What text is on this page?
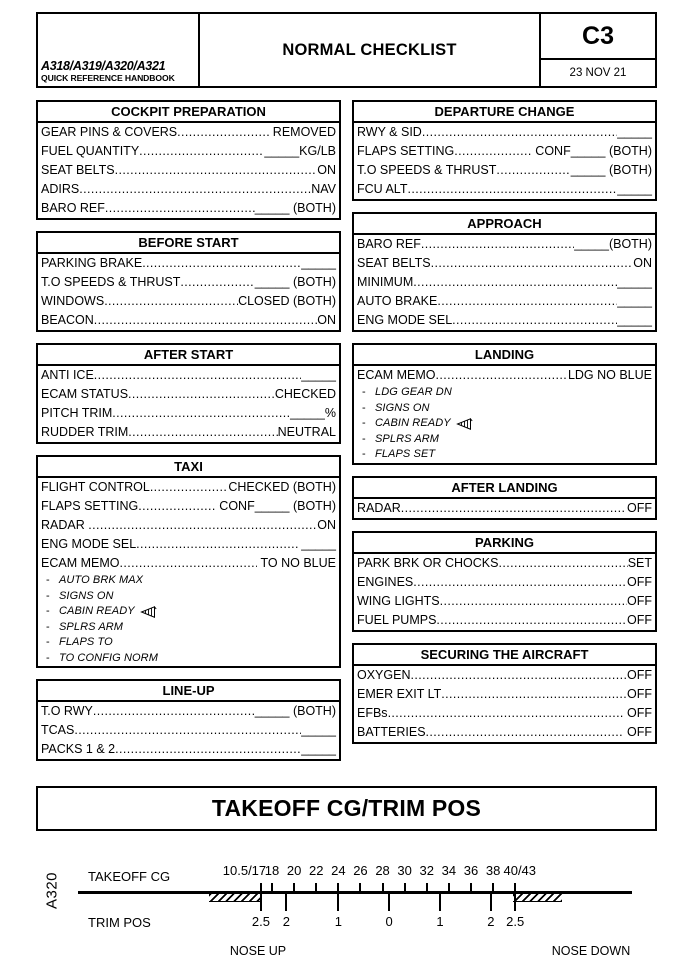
A318/A319/A320/A321
QUICK REFERENCE HANDBOOK
NORMAL CHECKLIST	C3
23 NOV 21
COCKPIT PREPARATION
GEAR PINS & COVERS .....	REMOVED
FUEL QUANTITY .....	_____KG/LB
SEAT BELTS .....	ON
ADIRS .....	NAV
BARO REF .....	_____ (BOTH)
BEFORE START
PARKING BRAKE .....	_____
T.O SPEEDS & THRUST .....	_____ (BOTH)
WINDOWS .....	CLOSED (BOTH)
BEACON .....	ON
AFTER START
ANTI ICE .....	_____
ECAM STATUS .....	CHECKED
PITCH TRIM .....	_____%
RUDDER TRIM .....	NEUTRAL
TAXI
FLIGHT CONTROL .....	CHECKED (BOTH)
FLAPS SETTING .....	CONF_____ (BOTH)
RADAR .....	ON
ENG MODE SEL .....	_____
ECAM MEMO .....	TO NO BLUE
- AUTO BRK MAX
- SIGNS ON
- CABIN READY
- SPLRS ARM
- FLAPS TO
- TO CONFIG NORM
LINE-UP
T.O RWY .....	_____ (BOTH)
TCAS .....	_____
PACKS 1 & 2 .....	_____
DEPARTURE CHANGE
RWY & SID .....	_____
FLAPS SETTING .....	CONF_____ (BOTH)
T.O SPEEDS & THRUST .....	_____ (BOTH)
FCU ALT .....	_____
APPROACH
BARO REF .....	_____(BOTH)
SEAT BELTS .....	ON
MINIMUM .....	_____
AUTO BRAKE .....	_____
ENG MODE SEL .....	_____
LANDING
ECAM MEMO .....	LDG NO BLUE
- LDG GEAR DN
- SIGNS ON
- CABIN READY
- SPLRS ARM
- FLAPS SET
AFTER LANDING
RADAR .....	OFF
PARKING
PARK BRK OR CHOCKS .....	SET
ENGINES .....	OFF
WING LIGHTS .....	OFF
FUEL PUMPS .....	OFF
SECURING THE AIRCRAFT
OXYGEN .....	OFF
EMER EXIT LT .....	OFF
EFBs .....	OFF
BATTERIES .....	OFF
TAKEOFF CG/TRIM POS
A320 TAKEOFF CG
TRIM POS
NOSE UP	NOSE DOWN
10.5/17
18 20 22 24 26 28 30 32 34 36 38 40/43
2.5 2	1	0	1	2 2.5
